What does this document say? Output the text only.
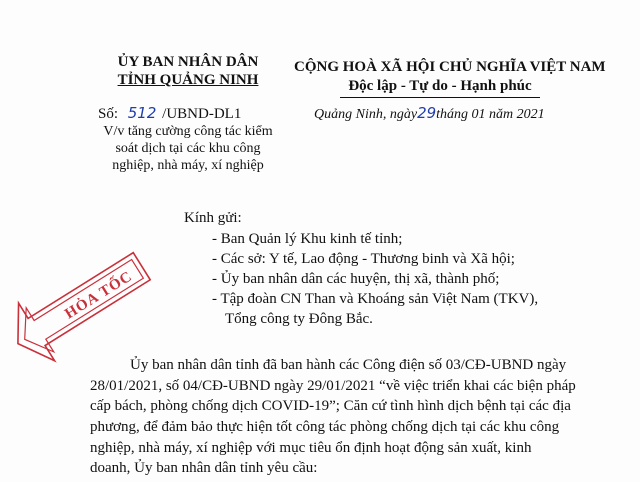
ỦY BAN NHÂN DÂN
TỈNH QUẢNG NINH
CỘNG HOÀ XÃ HỘI CHỦ NGHĨA VIỆT NAM
Độc lập - Tự do - Hạnh phúc
Số: 512 /UBND-DL1
V/v tăng cường công tác kiểm
soát dịch tại các khu công
nghiệp, nhà máy, xí nghiệp
Quảng Ninh, ngày29tháng 01 năm 2021
HỎA TỐC
Kính gửi:
- Ban Quản lý Khu kinh tế tỉnh;
- Các sở: Y tế, Lao động - Thương binh và Xã hội;
- Ủy ban nhân dân các huyện, thị xã, thành phố;
- Tập đoàn CN Than và Khoáng sản Việt Nam (TKV),
Tổng công ty Đông Bắc.
Ủy ban nhân dân tỉnh đã ban hành các Công điện số 03/CĐ-UBND ngày
28/01/2021, số 04/CĐ-UBND ngày 29/01/2021 “về việc triển khai các biện pháp
cấp bách, phòng chống dịch COVID-19”; Căn cứ tình hình dịch bệnh tại các địa
phương, để đảm bảo thực hiện tốt công tác phòng chống dịch tại các khu công
nghiệp, nhà máy, xí nghiệp với mục tiêu ổn định hoạt động sản xuất, kinh
doanh, Ủy ban nhân dân tỉnh yêu cầu:
